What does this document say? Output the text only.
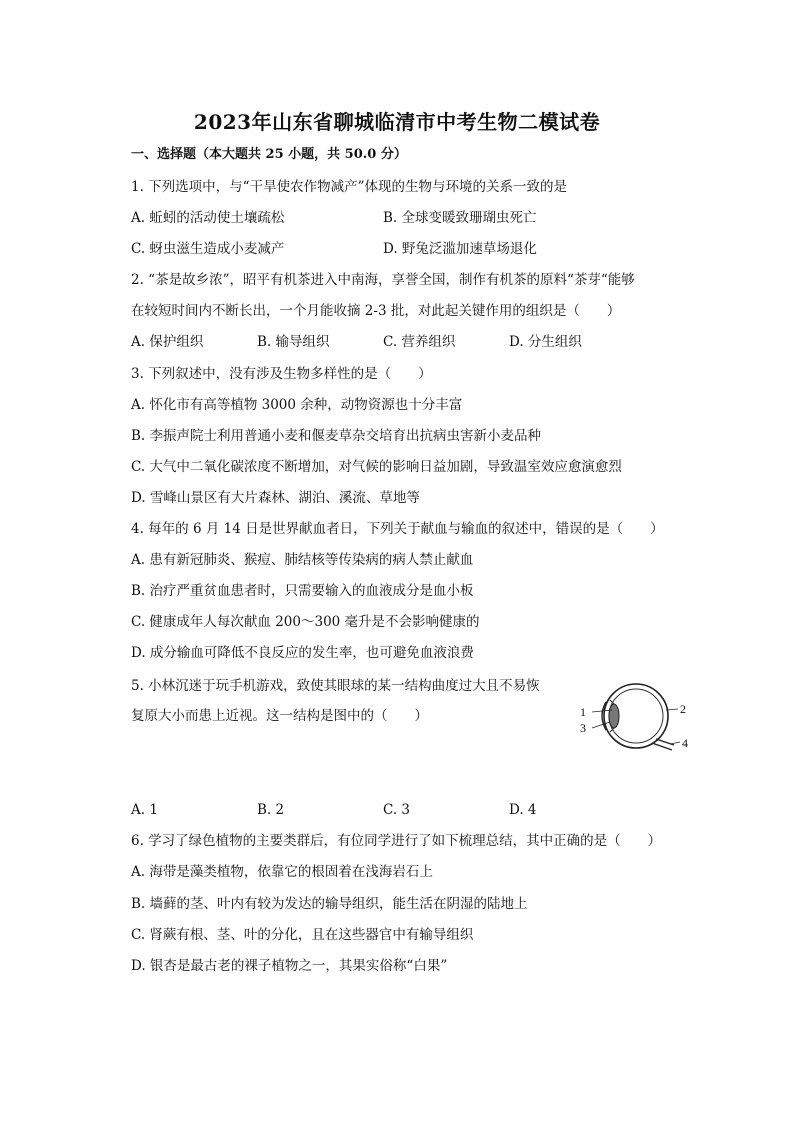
2023年山东省聊城临清市中考生物二模试卷
一、选择题（本大题共 25 小题，共 50.0 分）
1. 下列选项中，与“干旱使农作物减产”体现的生物与环境的关系一致的是
A. 蚯蚓的活动使土壤疏松	B. 全球变暖致珊瑚虫死亡
C. 蚜虫滋生造成小麦减产	D. 野兔泛滥加速草场退化
2. “茶是故乡浓”，昭平有机茶进入中南海，享誉全国，制作有机茶的原料“茶芽“能够
在较短时间内不断长出，一个月能收摘 2-3 批，对此起关键作用的组织是（　　）
A. 保护组织	B. 输导组织	C. 营养组织	D. 分生组织
3. 下列叙述中，没有涉及生物多样性的是（　　）
A. 怀化市有高等植物 3000 余种，动物资源也十分丰富
B. 李振声院士利用普通小麦和偃麦草杂交培育出抗病虫害新小麦品种
C. 大气中二氧化碳浓度不断增加，对气候的影响日益加剧，导致温室效应愈演愈烈
D. 雪峰山景区有大片森林、湖泊、溪流、草地等
4. 每年的 6 月 14 日是世界献血者日，下列关于献血与输血的叙述中，错误的是（　　）
A. 患有新冠肺炎、猴痘、肺结核等传染病的病人禁止献血
B. 治疗严重贫血患者时，只需要输入的血液成分是血小板
C. 健康成年人每次献血 200～300 毫升是不会影响健康的
D. 成分输血可降低不良反应的发生率，也可避免血液浪费
5. 小林沉迷于玩手机游戏，致使其眼球的某一结构曲度过大且不易恢
复原大小而患上近视。这一结构是图中的（　　）	1
3
2
4
A. 1	B. 2	C. 3	D. 4
6. 学习了绿色植物的主要类群后，有位同学进行了如下梳理总结，其中正确的是（　　）
A. 海带是藻类植物，依靠它的根固着在浅海岩石上
B. 墙藓的茎、叶内有较为发达的输导组织，能生活在阴湿的陆地上
C. 肾蕨有根、茎、叶的分化，且在这些器官中有输导组织
D. 银杏是最古老的裸子植物之一，其果实俗称“白果”
